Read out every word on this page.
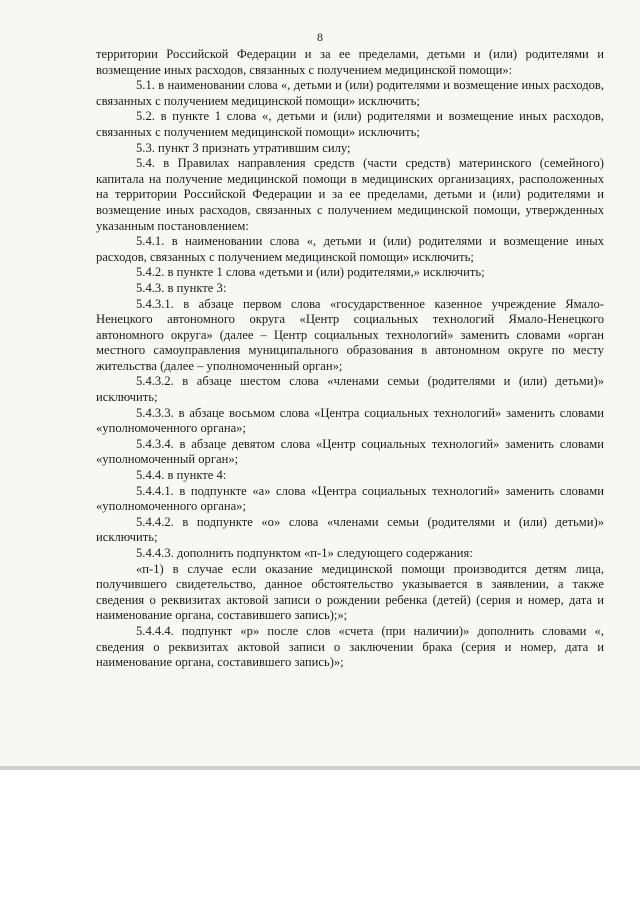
8

территории Российской Федерации и за ее пределами, детьми и (или) родителями и возмещение иных расходов, связанных с получением медицинской помощи»:

5.1. в наименовании слова «, детьми и (или) родителями и возмещение иных расходов, связанных с получением медицинской помощи» исключить;

5.2. в пункте 1 слова «, детьми и (или) родителями и возмещение иных расходов, связанных с получением медицинской помощи» исключить;

5.3. пункт 3 признать утратившим силу;

5.4. в Правилах направления средств (части средств) материнского (семейного) капитала на получение медицинской помощи в медицинских организациях, расположенных на территории Российской Федерации и за ее пределами, детьми и (или) родителями и возмещение иных расходов, связанных с получением медицинской помощи, утвержденных указанным постановлением:

5.4.1. в наименовании слова «, детьми и (или) родителями и возмещение иных расходов, связанных с получением медицинской помощи» исключить;

5.4.2. в пункте 1 слова «детьми и (или) родителями,» исключить;

5.4.3. в пункте 3:

5.4.3.1. в абзаце первом слова «государственное казенное учреждение Ямало-Ненецкого автономного округа «Центр социальных технологий Ямало-Ненецкого автономного округа» (далее – Центр социальных технологий» заменить словами «орган местного самоуправления муниципального образования в автономном округе по месту жительства (далее – уполномоченный орган»;

5.4.3.2. в абзаце шестом слова «членами семьи (родителями и (или) детьми)» исключить;

5.4.3.3. в абзаце восьмом слова «Центра социальных технологий» заменить словами «уполномоченного органа»;

5.4.3.4. в абзаце девятом слова «Центр социальных технологий» заменить словами «уполномоченный орган»;

5.4.4. в пункте 4:

5.4.4.1. в подпункте «а» слова «Центра социальных технологий» заменить словами «уполномоченного органа»;

5.4.4.2. в подпункте «о» слова «членами семьи (родителями и (или) детьми)» исключить;

5.4.4.3. дополнить подпунктом «п-1» следующего содержания:

«п-1) в случае если оказание медицинской помощи производится детям лица, получившего свидетельство, данное обстоятельство указывается в заявлении, а также сведения о реквизитах актовой записи о рождении ребенка (детей) (серия и номер, дата и наименование органа, составившего запись);»;

5.4.4.4. подпункт «р» после слов «счета (при наличии)» дополнить словами «, сведения о реквизитах актовой записи о заключении брака (серия и номер, дата и наименование органа, составившего запись)»;
